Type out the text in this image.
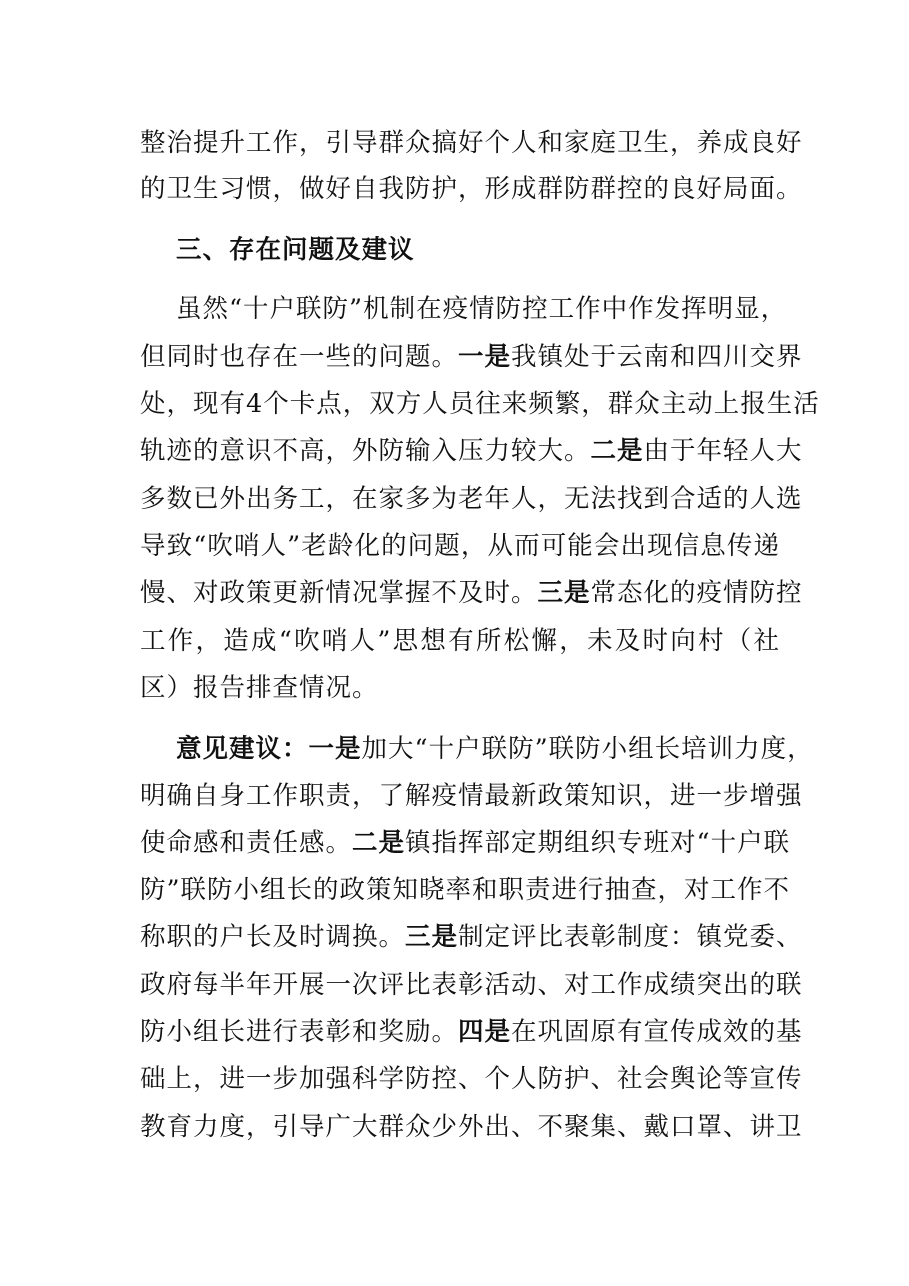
整治提升工作，引导群众搞好个人和家庭卫生，养成良好
的卫生习惯，做好自我防护，形成群防群控的良好局面。
三、存在问题及建议
虽然“十户联防”机制在疫情防控工作中作发挥明显，
但同时也存在一些的问题。一是我镇处于云南和四川交界
处，现有4个卡点，双方人员往来频繁，群众主动上报生活
轨迹的意识不高，外防输入压力较大。二是由于年轻人大
多数已外出务工，在家多为老年人，无法找到合适的人选
导致“吹哨人”老龄化的问题，从而可能会出现信息传递
慢、对政策更新情况掌握不及时。三是常态化的疫情防控
工作，造成“吹哨人”思想有所松懈，未及时向村（社
区）报告排查情况。
意见建议：一是加大“十户联防”联防小组长培训力度，
明确自身工作职责，了解疫情最新政策知识，进一步增强
使命感和责任感。二是镇指挥部定期组织专班对“十户联
防”联防小组长的政策知晓率和职责进行抽查，对工作不
称职的户长及时调换。三是制定评比表彰制度：镇党委、
政府每半年开展一次评比表彰活动、对工作成绩突出的联
防小组长进行表彰和奖励。四是在巩固原有宣传成效的基
础上，进一步加强科学防控、个人防护、社会舆论等宣传
教育力度，引导广大群众少外出、不聚集、戴口罩、讲卫
